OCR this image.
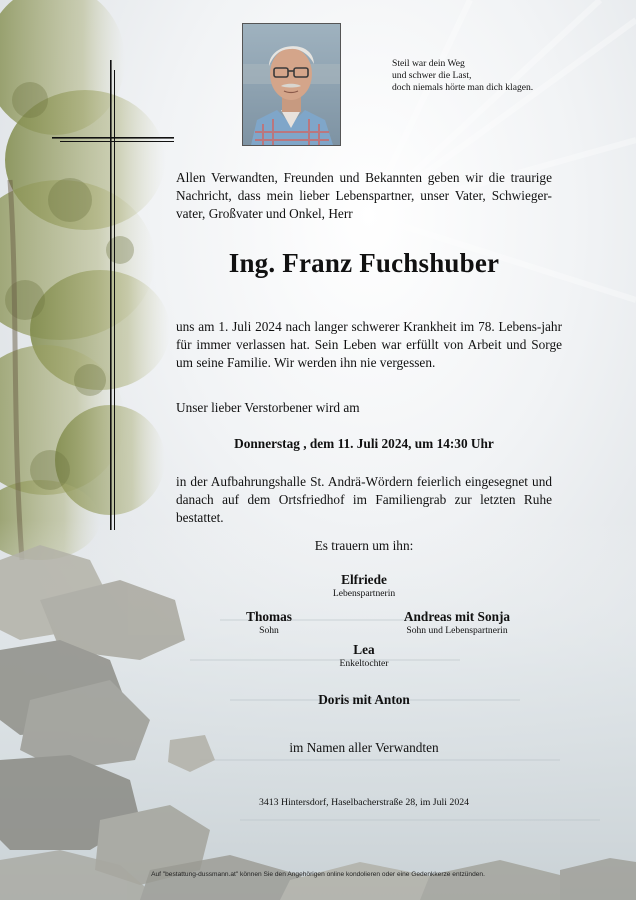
Steil war dein Weg
und schwer die Last,
doch niemals hörte man dich klagen.
Allen Verwandten, Freunden und Bekannten geben wir die traurige Nachricht, dass mein lieber Lebenspartner, unser Vater, Schwieger-vater, Großvater und Onkel, Herr
Ing. Franz Fuchshuber
uns am 1. Juli 2024 nach langer schwerer Krankheit im 78. Lebens-jahr für immer verlassen hat. Sein Leben war erfüllt von Arbeit und Sorge um seine Familie. Wir werden ihn nie vergessen.
Unser lieber Verstorbener wird am
Donnerstag , dem 11. Juli 2024, um 14:30 Uhr
in der Aufbahrungshalle St. Andrä-Wördern feierlich eingesegnet und danach auf dem Ortsfriedhof im Familiengrab zur letzten Ruhe bestattet.
Es trauern um ihn:
Elfriede
Lebenspartnerin
Thomas
Sohn
Andreas mit Sonja
Sohn und Lebenspartnerin
Lea
Enkeltochter
Doris mit Anton
im Namen aller Verwandten
3413 Hintersdorf, Haselbacherstraße 28, im Juli 2024
Auf "bestattung-dussmann.at" können Sie den Angehörigen online kondolieren oder eine Gedenkkerze entzünden.
